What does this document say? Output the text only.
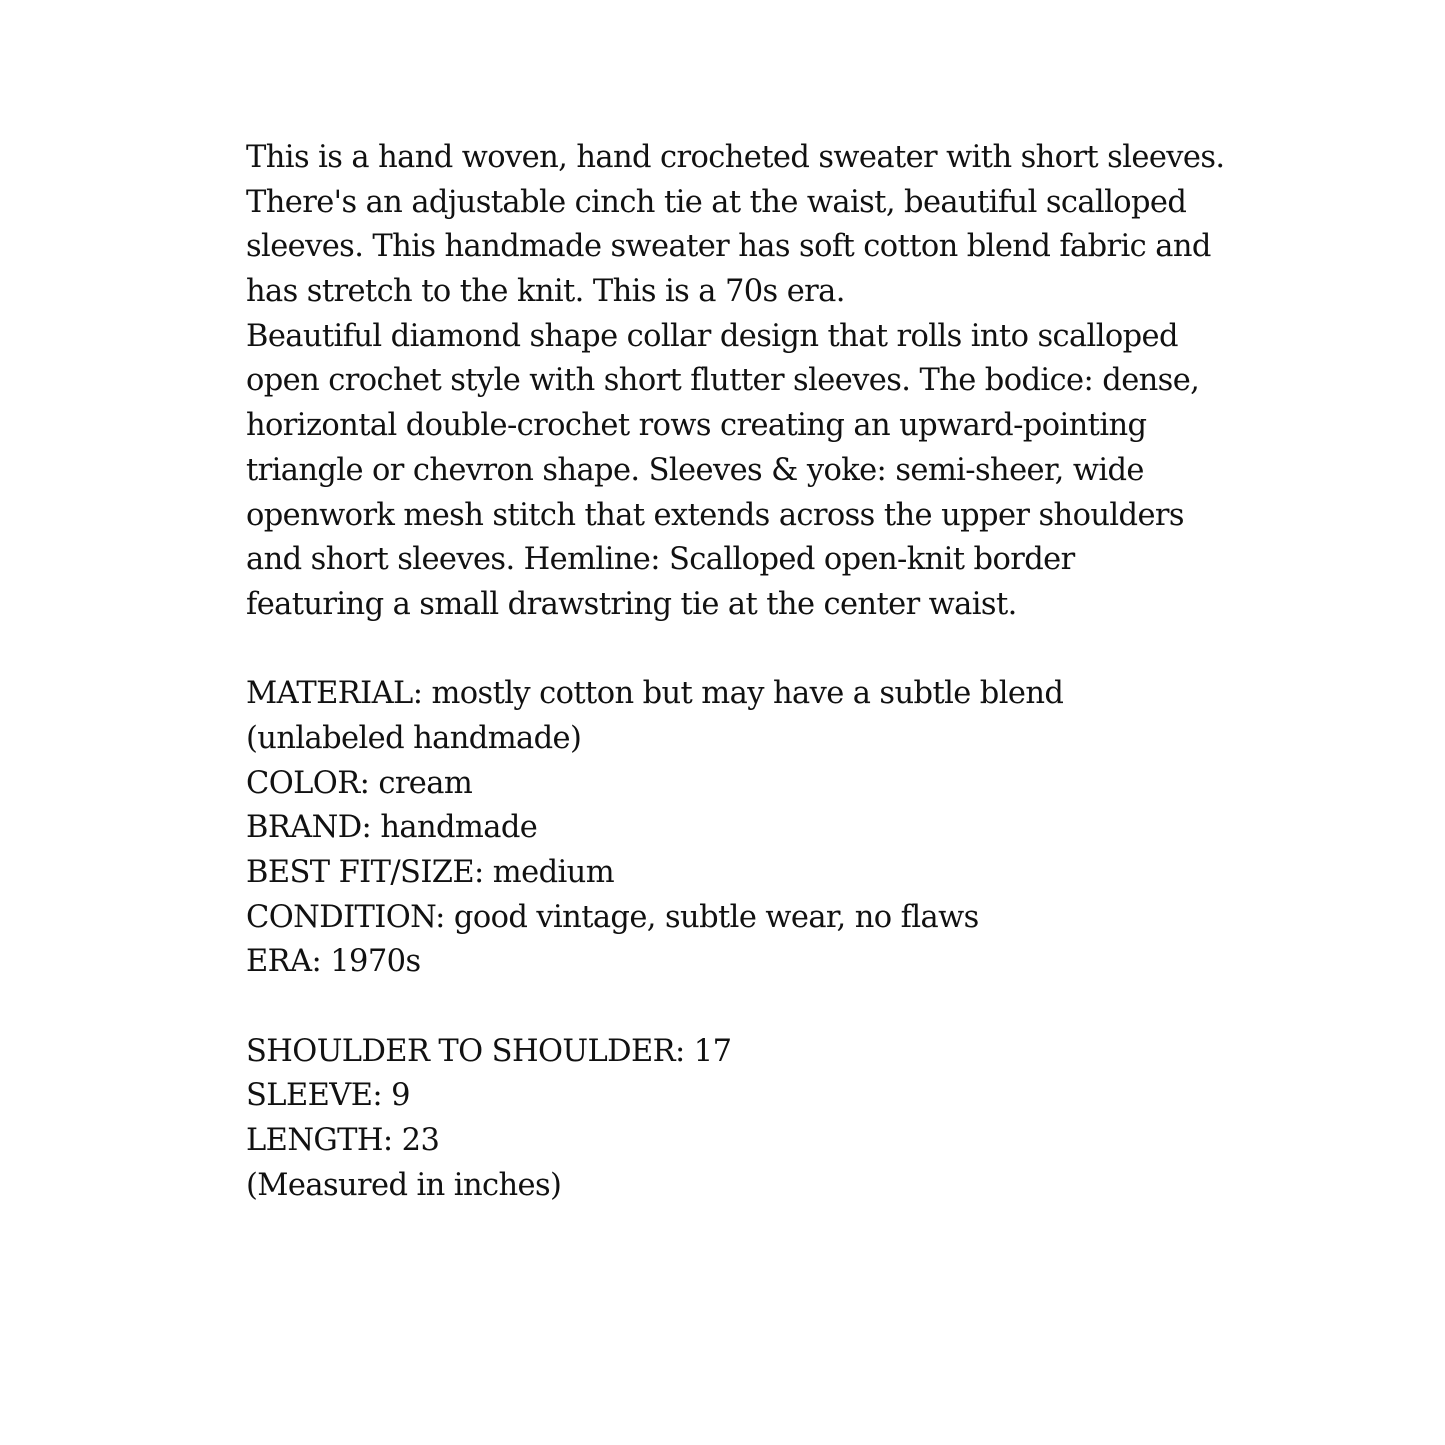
This is a hand woven, hand crocheted sweater with short sleeves.
There's an adjustable cinch tie at the waist, beautiful scalloped
sleeves. This handmade sweater has soft cotton blend fabric and
has stretch to the knit. This is a 70s era.
Beautiful diamond shape collar design that rolls into scalloped
open crochet style with short flutter sleeves. The bodice: dense,
horizontal double-crochet rows creating an upward-pointing
triangle or chevron shape. Sleeves & yoke: semi-sheer, wide
openwork mesh stitch that extends across the upper shoulders
and short sleeves. Hemline: Scalloped open-knit border
featuring a small drawstring tie at the center waist.
MATERIAL: mostly cotton but may have a subtle blend
(unlabeled handmade)
COLOR: cream
BRAND: handmade
BEST FIT/SIZE: medium
CONDITION: good vintage, subtle wear, no flaws
ERA: 1970s
SHOULDER TO SHOULDER: 17
SLEEVE: 9
LENGTH: 23
(Measured in inches)
